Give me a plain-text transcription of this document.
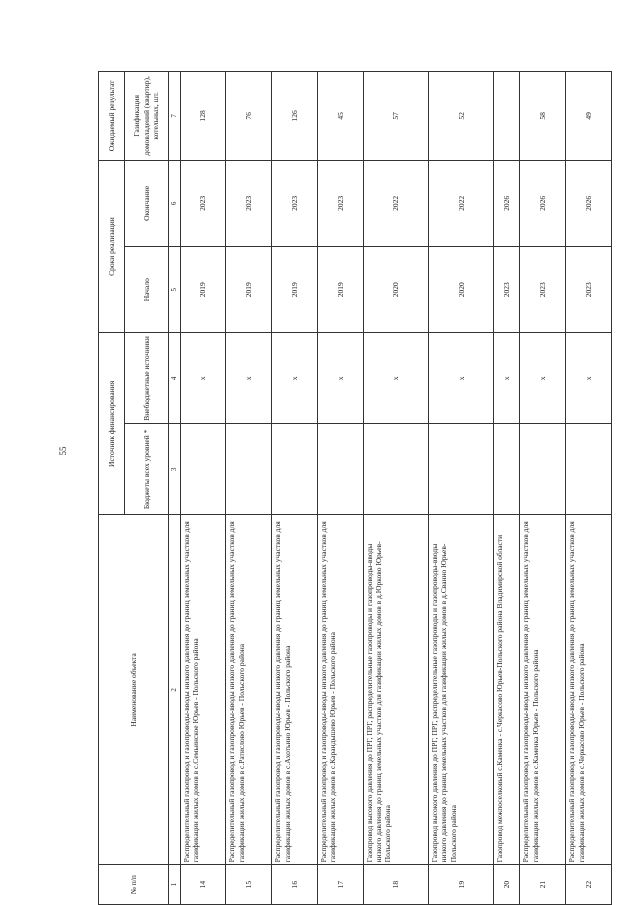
55
№ п/п	Наименование объекта	Источник финансирования		Сроки реализации		Ожидаемый результат
		Бюджеты всех уровней *	Внебюджетные источники	Начало	Окончание	Газификация домовладений (квартир), котельных, шт.
1	2	3	4	5	6	7
14	Распределительный газопровод и газопроводы-вводы низкого давления до границ земельных участков для газификации жилых домов в с.Семьинское Юрьев - Польского района		x	2019	2023	128
15	Распределительный газопровод и газопроводы-вводы низкого давления до границ земельных участков для газификации жилых домов в с.Ратислово Юрьев - Польского района		x	2019	2023	76
16	Распределительный газопровод и газопроводы-вводы низкого давления до границ земельных участков для газификации жилых домов в с.Ахотьино Юрьев - Польского района		x	2019	2023	126
17	Распределительный газопровод и газопроводы-вводы низкого давления до границ земельных участков для газификации жилых домов в с.Карандышево Юрьев - Польского района		x	2019	2023	45
18	Газопровод высокого давления до ПРГ, ПРГ, распределительные газопроводы и газопроводы-вводы низкого давления до границ земельных участков для газификации жилых домов в д.Юрково Юрьев-Польского района		x	2020	2022	57
19	Газопровод высокого давления до ПРГ, ПРГ, распределительные газопроводы и газопроводы-вводы низкого давления до границ земельных участков для газификации жилых домов в д.Сванно Юрьев-Польского района		x	2020	2022	52
20	Газопровод межпоселковый с.Каменка - с.Черкасово Юрьев-Польского района Владимирской области		x	2023	2026	
21	Распределительный газопровод и газопроводы-вводы низкого давления до границ земельных участков для газификации жилых домов в с.Каменка Юрьев - Польского района		x	2023	2026	58
22	Распределительный газопровод и газопроводы-вводы низкого давления до границ земельных участков для газификации жилых домов в с.Черкасово Юрьев - Польского района		x	2023	2026	49
